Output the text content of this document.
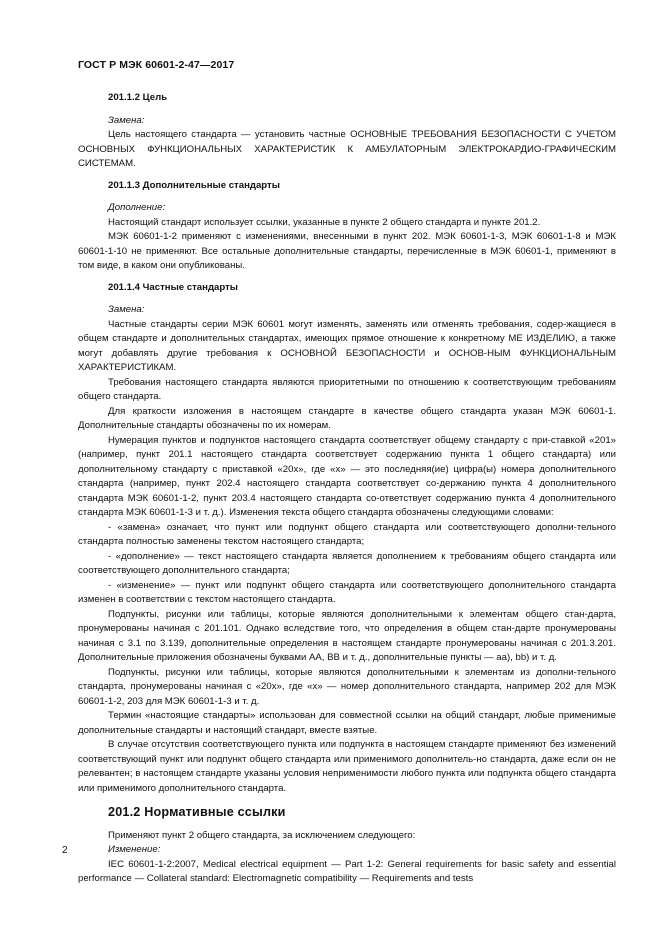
ГОСТ Р МЭК 60601-2-47—2017
201.1.2 Цель
Замена:

Цель настоящего стандарта — установить частные ОСНОВНЫЕ ТРЕБОВАНИЯ БЕЗОПАСНОСТИ С УЧЕТОМ ОСНОВНЫХ ФУНКЦИОНАЛЬНЫХ ХАРАКТЕРИСТИК К АМБУЛАТОРНЫМ ЭЛЕКТРОКАРДИО-ГРАФИЧЕСКИМ СИСТЕМАМ.

201.1.3 Дополнительные стандарты
Дополнение:

Настоящий стандарт использует ссылки, указанные в пункте 2 общего стандарта и пункте 201.2.

МЭК 60601-1-2 применяют с изменениями, внесенными в пункт 202. МЭК 60601-1-3, МЭК 60601-1-8 и МЭК 60601-1-10 не применяют. Все остальные дополнительные стандарты, перечисленные в МЭК 60601-1, применяют в том виде, в каком они опубликованы.

201.1.4 Частные стандарты
Замена:

Частные стандарты серии МЭК 60601 могут изменять, заменять или отменять требования, содер-жащиеся в общем стандарте и дополнительных стандартах, имеющих прямое отношение к конкретному МЕ ИЗДЕЛИЮ, а также могут добавлять другие требования к ОСНОВНОЙ БЕЗОПАСНОСТИ и ОСНОВ-НЫМ ФУНКЦИОНАЛЬНЫМ ХАРАКТЕРИСТИКАМ.

Требования настоящего стандарта являются приоритетными по отношению к соответствующим требованиям общего стандарта.

Для краткости изложения в настоящем стандарте в качестве общего стандарта указан МЭК 60601-1. Дополнительные стандарты обозначены по их номерам.

Нумерация пунктов и подпунктов настоящего стандарта соответствует общему стандарту с при-ставкой «201» (например, пункт 201.1 настоящего стандарта соответствует содержанию пункта 1 общего стандарта) или дополнительному стандарту с приставкой «20x», где «x» — это последняя(ие) цифра(ы) номера дополнительного стандарта (например, пункт 202.4 настоящего стандарта соответствует со-держанию пункта 4 дополнительного стандарта МЭК 60601-1-2, пункт 203.4 настоящего стандарта со-ответствует содержанию пункта 4 дополнительного стандарта МЭК 60601-1-3 и т. д.). Изменения текста общего стандарта обозначены следующими словами:

- «замена» означает, что пункт или подпункт общего стандарта или соответствующего дополни-тельного стандарта полностью заменены текстом настоящего стандарта;

- «дополнение» — текст настоящего стандарта является дополнением к требованиям общего стандарта или соответствующего дополнительного стандарта;

- «изменение» — пункт или подпункт общего стандарта или соответствующего дополнительного стандарта изменен в соответствии с текстом настоящего стандарта.

Подпункты, рисунки или таблицы, которые являются дополнительными к элементам общего стан-дарта, пронумерованы начиная с 201.101. Однако вследствие того, что определения в общем стан-дарте пронумерованы начиная с 3.1 по 3.139, дополнительные определения в настоящем стандарте пронумерованы начиная с 201.3.201. Дополнительные приложения обозначены буквами АА, ВВ и т. д., дополнительные пункты — аа), bb) и т. д.

Подпункты, рисунки или таблицы, которые являются дополнительными к элементам из дополни-тельного стандарта, пронумерованы начиная с «20x», где «x» — номер дополнительного стандарта, например 202 для МЭК 60601-1-2, 203 для МЭК 60601-1-3 и т. д.

Термин «настоящие стандарты» использован для совместной ссылки на общий стандарт, любые применимые дополнительные стандарты и настоящий стандарт, вместе взятые.

В случае отсутствия соответствующего пункта или подпункта в настоящем стандарте применяют без изменений соответствующий пункт или подпункт общего стандарта или применимого дополнитель-но стандарта, даже если он не релевантен; в настоящем стандарте указаны условия неприменимости любого пункта или подпункта общего стандарта или применимого дополнительного стандарта.

201.2 Нормативные ссылки

Применяют пункт 2 общего стандарта, за исключением следующего:

Изменение:

IEC 60601-1-2:2007, Medical electrical equipment — Part 1-2: General requirements for basic safety and essential performance — Collateral standard: Electromagnetic compatibility — Requirements and tests

2
